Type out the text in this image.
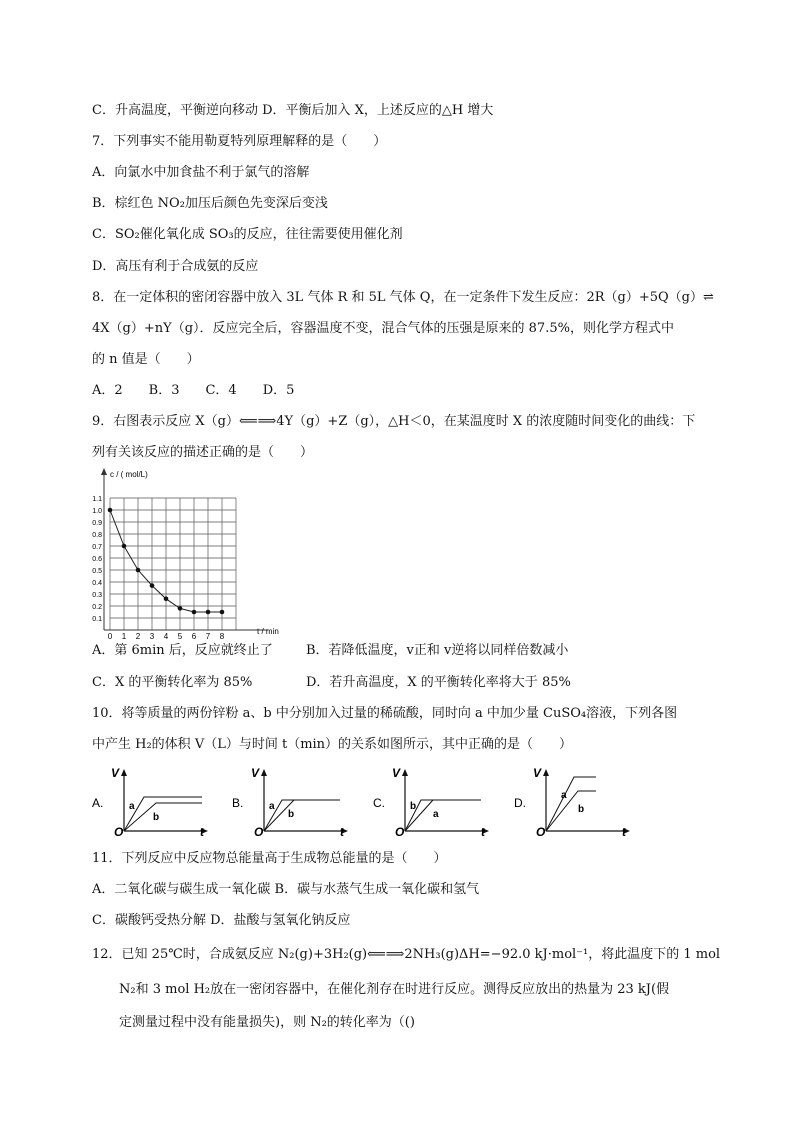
C．升高温度，平衡逆向移动 D．平衡后加入 X，上述反应的△H 增大
7．下列事实不能用勒夏特列原理解释的是（　　）
A．向氯水中加食盐不利于氯气的溶解
B．棕红色 NO₂加压后颜色先变深后变浅
C．SO₂催化氧化成 SO₃的反应，往往需要使用催化剂
D．高压有利于合成氨的反应
8．在一定体积的密闭容器中放入 3L 气体 R 和 5L 气体 Q，在一定条件下发生反应：2R（g）+5Q（g）⇌
4X（g）+nY（g）．反应完全后，容器温度不变，混合气体的压强是原来的 87.5%，则化学方程式中
的 n 值是（　　）
A．2　　B．3　　C．4　　D．5
9．右图表示反应 X（g）⟸⟹4Y（g）+Z（g），△H＜0，在某温度时 X 的浓度随时间变化的曲线：下
列有关该反应的描述正确的是（　　）
c / ( mol/L)
t / min
0.1
0.2
0.3
0.4
0.5
0.6
0.7
0.8
0.9
1.0
1.1
0 1 2 3 4 5 6 7 8
A．第 6min 后，反应就终止了	B．若降低温度，v正和 v逆将以同样倍数减小
C．X 的平衡转化率为 85%	D．若升高温度，X 的平衡转化率将大于 85%
10．将等质量的两份锌粉 a、b 中分别加入过量的稀硫酸，同时向 a 中加少量 CuSO₄溶液，下列各图
中产生 H₂的体积 V（L）与时间 t（min）的关系如图所示，其中正确的是（　　）
A.
V
t
O
a
b
B.
V
t
O
a
b
C.
V
t
O
b
a
D.
V
t
O
a
b
11．下列反应中反应物总能量高于生成物总能量的是（　　）
A．二氧化碳与碳生成一氧化碳 B．碳与水蒸气生成一氧化碳和氢气
C．碳酸钙受热分解 D．盐酸与氢氧化钠反应
12．已知 25℃时，合成氨反应 N₂(g)+3H₂(g)⟸⟹2NH₃(g)ΔH=−92.0 kJ·mol⁻¹，将此温度下的 1 mol
N₂和 3 mol H₂放在一密闭容器中，在催化剂存在时进行反应。测得反应放出的热量为 23 kJ(假
定测量过程中没有能量损失)，则 N₂的转化率为（()
